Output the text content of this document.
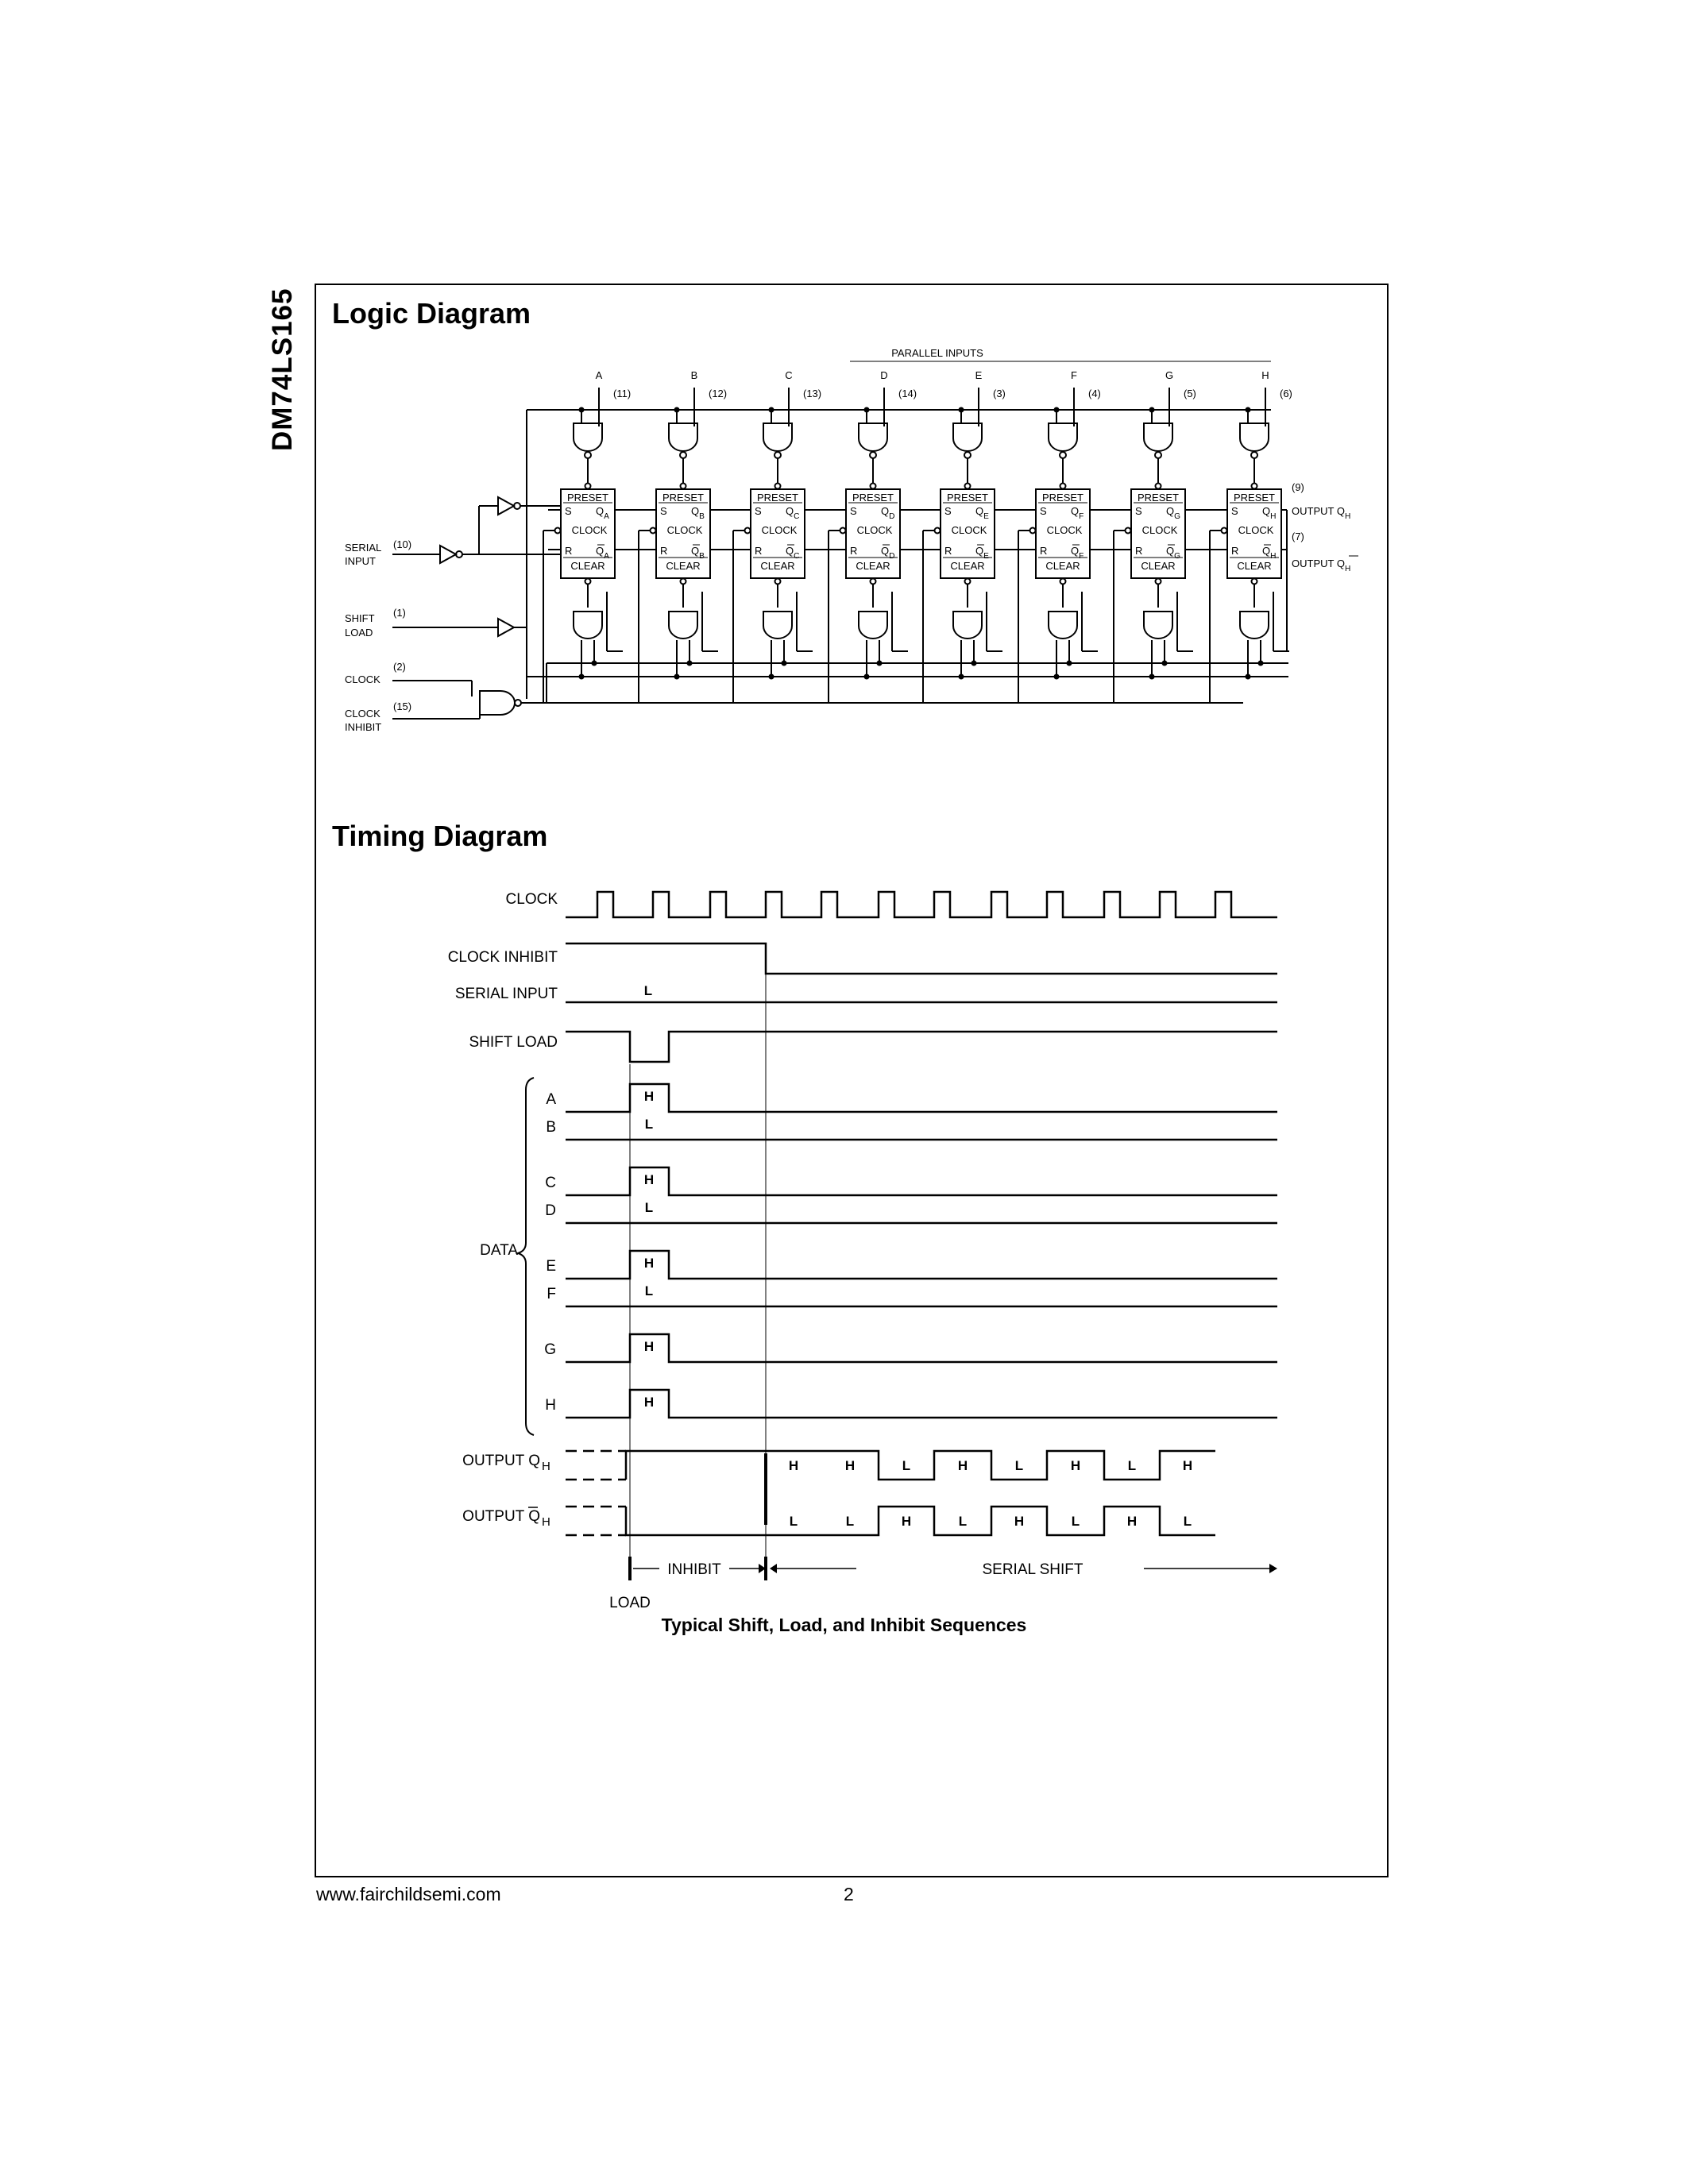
DM74LS165 Logic Diagram
Timing Diagram
A
(11)
PRESET
S $Q_A$
CLOCK
R $Q_A$
CLEAR
B
(12)
PRESET
S $Q_B$
CLOCK
R $Q_B$
CLEAR
C
(13)
PRESET
S $Q_C$
CLOCK
R $Q_C$
CLEAR
D
(14)
PRESET
S $Q_D$
CLOCK
R $Q_D$
CLEAR
E
(3)
PRESET
S $Q_E$
CLOCK
R $Q_E$
CLEAR
F
(4)
PRESET
S $Q_F$
CLOCK
R $Q_F$
CLEAR
G
(5)
PRESET
S $Q_G$
CLOCK
R $Q_G$
CLEAR
H
(6)
PRESET
S $Q_H$
CLOCK
R $Q_H$
CLEAR
PARALLEL INPUTS
(9)
OUTPUT $Q_H$
(7)
OUTPUT $Q_H$
SERIAL
INPUT
(10)
SHIFT
LOAD
(1)
CLOCK
(2)
CLOCK
INHIBIT
(15)
CLOCK
CLOCK INHIBIT
SERIAL INPUT
SHIFT LOAD
L
DATA
A	H
B	L
C	H
D	L
E	H
F	L
G	H
H	H
OUTPUT Q H
OUTPUT Q H
H	H	L	H	L	H	L	H
L	L	H	L	H	L	H	L
INHIBIT	SERIAL SHIFT
LOAD
Typical Shift, Load, and Inhibit Sequences
www.fairchildsemi.com	2
